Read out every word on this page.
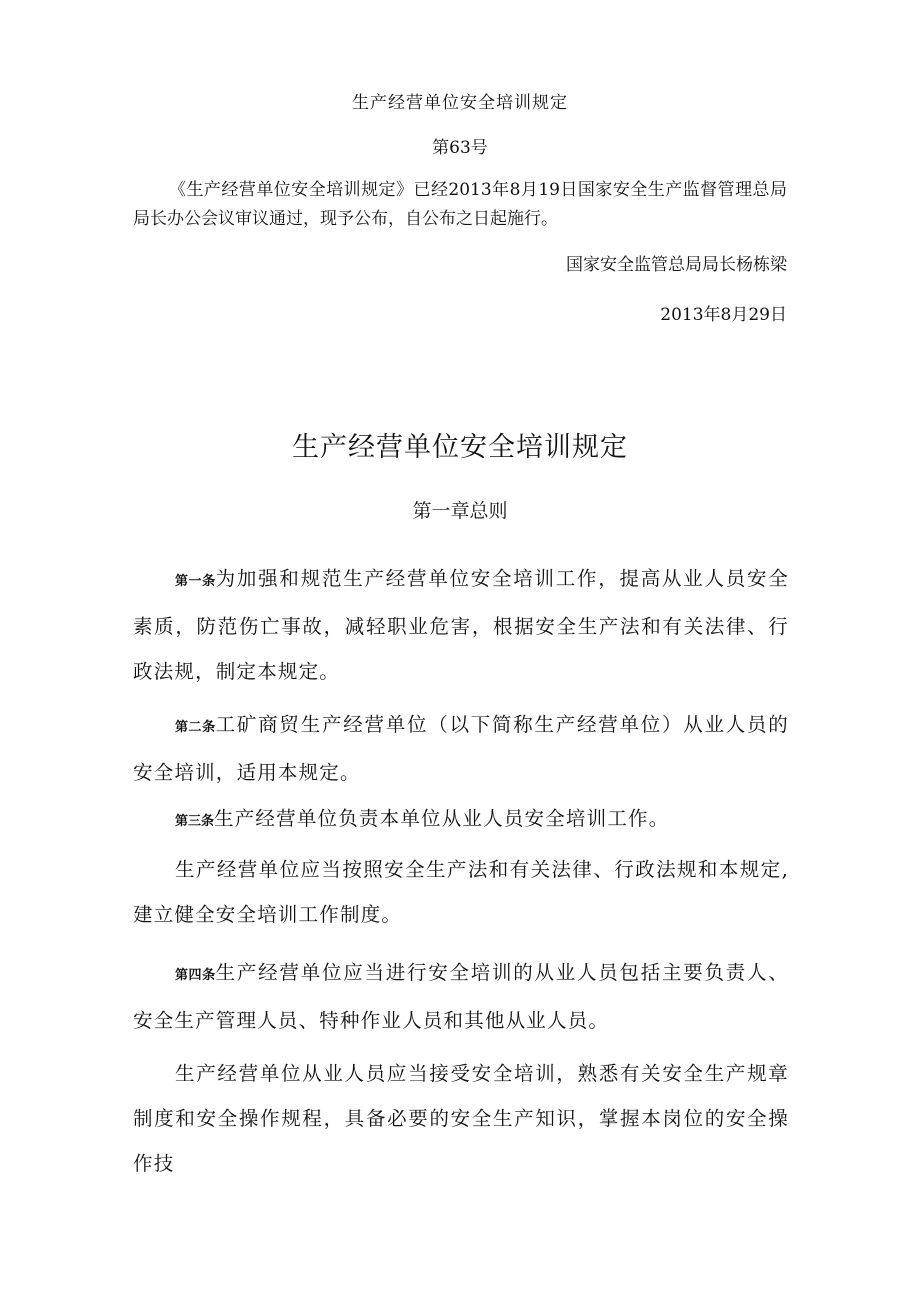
生产经营单位安全培训规定
第63号
《生产经营单位安全培训规定》已经2013年8月19日国家安全生产监督管理总局局长办公会议审议通过，现予公布，自公布之日起施行。
国家安全监管总局局长杨栋梁
2013年8月29日
生产经营单位安全培训规定
第一章总则

第一条为加强和规范生产经营单位安全培训工作，提高从业人员安全素质，防范伤亡事故，减轻职业危害，根据安全生产法和有关法律、行政法规，制定本规定。

第二条工矿商贸生产经营单位（以下简称生产经营单位）从业人员的安全培训，适用本规定。

第三条生产经营单位负责本单位从业人员安全培训工作。

生产经营单位应当按照安全生产法和有关法律、行政法规和本规定,建立健全安全培训工作制度。

第四条生产经营单位应当进行安全培训的从业人员包括主要负责人、安全生产管理人员、特种作业人员和其他从业人员。

生产经营单位从业人员应当接受安全培训，熟悉有关安全生产规章制度和安全操作规程，具备必要的安全生产知识，掌握本岗位的安全操作技
